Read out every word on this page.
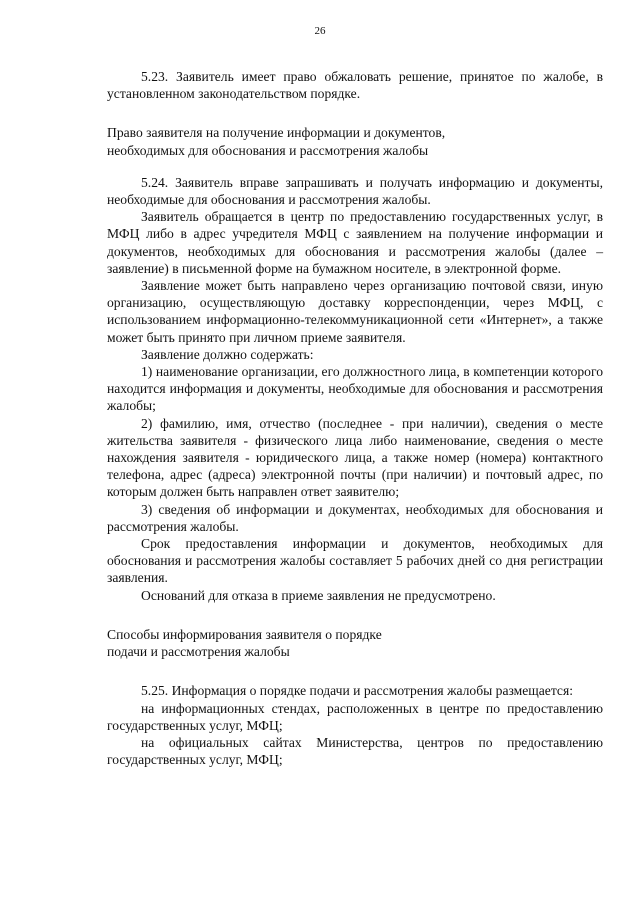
26

5.23. Заявитель имеет право обжаловать решение, принятое по жалобе, в установленном законодательством порядке.

Право заявителя на получение информации и документов,

необходимых для обоснования и рассмотрения жалобы

5.24. Заявитель вправе запрашивать и получать информацию и документы, необходимые для обоснования и рассмотрения жалобы.

Заявитель обращается в центр по предоставлению государственных услуг, в МФЦ либо в адрес учредителя МФЦ с заявлением на получение информации и документов, необходимых для обоснования и рассмотрения жалобы (далее – заявление) в письменной форме на бумажном носителе, в электронной форме.

Заявление может быть направлено через организацию почтовой связи, иную организацию, осуществляющую доставку корреспонденции, через МФЦ, с использованием информационно-телекоммуникационной сети «Интернет», а также может быть принято при личном приеме заявителя.

Заявление должно содержать:

1) наименование организации, его должностного лица, в компетенции которого находится информация и документы, необходимые для обоснования и рассмотрения жалобы;

2) фамилию, имя, отчество (последнее - при наличии), сведения о месте жительства заявителя - физического лица либо наименование, сведения о месте нахождения заявителя - юридического лица, а также номер (номера) контактного телефона, адрес (адреса) электронной почты (при наличии) и почтовый адрес, по которым должен быть направлен ответ заявителю;

3) сведения об информации и документах, необходимых для обоснования и рассмотрения жалобы.

Срок предоставления информации и документов, необходимых для обоснования и рассмотрения жалобы составляет 5 рабочих дней со дня регистрации заявления.

Оснований для отказа в приеме заявления не предусмотрено.

Способы информирования заявителя о порядке

подачи и рассмотрения жалобы

5.25. Информация о порядке подачи и рассмотрения жалобы размещается:

на информационных стендах, расположенных в центре по предоставлению государственных услуг, МФЦ;

на официальных сайтах Министерства, центров по предоставлению государственных услуг, МФЦ;
